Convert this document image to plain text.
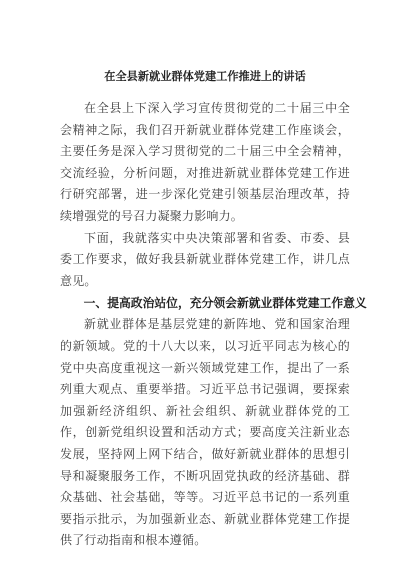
在全县新就业群体党建工作推进上的讲话

在全县上下深入学习宣传贯彻党的二十届三中全会精神之际，我们召开新就业群体党建工作座谈会，主要任务是深入学习贯彻党的二十届三中全会精神，交流经验，分析问题，对推进新就业群体党建工作进行研究部署，进一步深化党建引领基层治理改革，持续增强党的号召力凝聚力影响力。

下面，我就落实中央决策部署和省委、市委、县委工作要求，做好我县新就业群体党建工作，讲几点意见。

一、提高政治站位，充分领会新就业群体党建工作意义

新就业群体是基层党建的新阵地、党和国家治理的新领域。党的十八大以来，以习近平同志为核心的党中央高度重视这一新兴领域党建工作，提出了一系列重大观点、重要举措。习近平总书记强调，要探索加强新经济组织、新社会组织、新就业群体党的工作，创新党组织设置和活动方式；要高度关注新业态发展，坚持网上网下结合，做好新就业群体的思想引导和凝聚服务工作，不断巩固党执政的经济基础、群众基础、社会基础，等等。习近平总书记的一系列重要指示批示，为加强新业态、新就业群体党建工作提供了行动指南和根本遵循。
